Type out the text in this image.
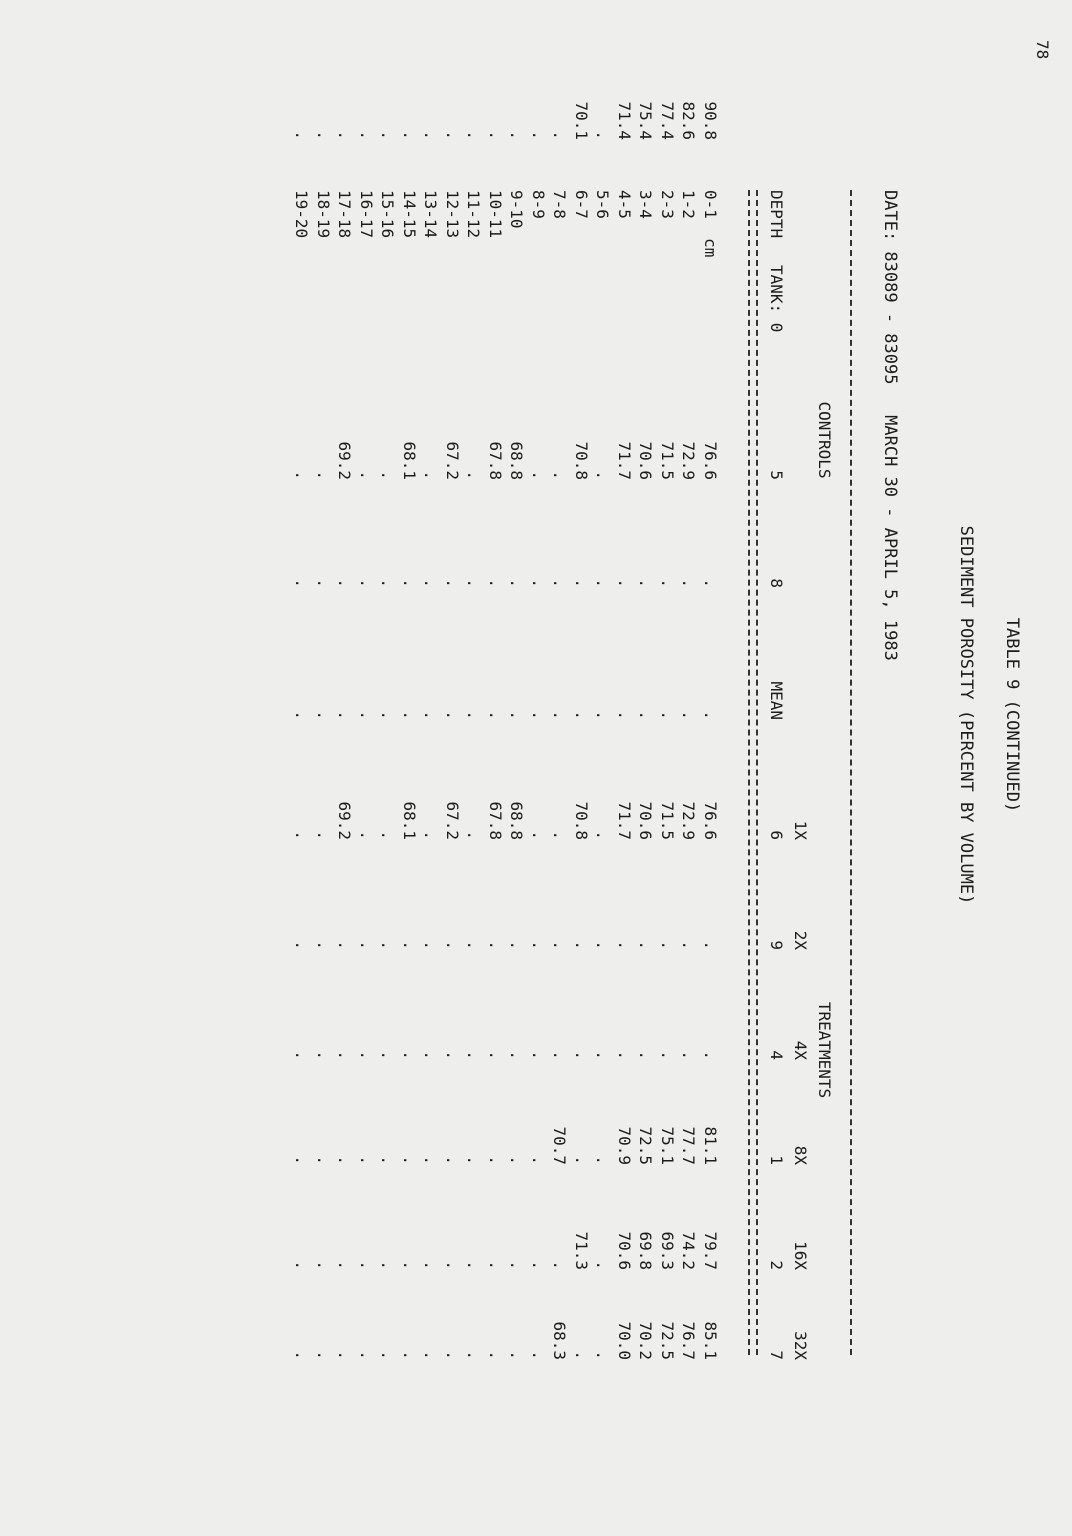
78
TABLE 9 (CONTINUED)
SEDIMENT POROSITY (PERCENT BY VOLUME)
DATE: 83089 - 83095   MARCH 30 - APRIL 5, 1983
CONTROLS
TREATMENTS
DEPTH
TANK: 0
5
8
MEAN
1X
6
2X
9
4X
4
8X
1
16X
2
32X
7
0-1  cm
76.6
.
.
76.6
.
.
81.1
79.7
85.1
90.8
1-2
72.9
.
.
72.9
.
.
77.7
74.2
76.7
82.6
2-3
71.5
.
.
71.5
.
.
75.1
69.3
72.5
77.4
3-4
70.6
.
.
70.6
.
.
72.5
69.8
70.2
75.4
4-5
71.7
.
.
71.7
.
.
70.9
70.6
70.0
71.4
5-6
.
.
.
.
.
.
.
.
.
.
6-7
70.8
.
.
70.8
.
.
.
71.3
.
70.1
7-8
.
.
.
.
.
.
70.7
.
68.3
.
8-9
.
.
.
.
.
.
.
.
.
.
9-10
68.8
.
.
68.8
.
.
.
.
.
.
10-11
67.8
.
.
67.8
.
.
.
.
.
.
11-12
.
.
.
.
.
.
.
.
.
.
12-13
67.2
.
.
67.2
.
.
.
.
.
.
13-14
.
.
.
.
.
.
.
.
.
.
14-15
68.1
.
.
68.1
.
.
.
.
.
.
15-16
.
.
.
.
.
.
.
.
.
.
16-17
.
.
.
.
.
.
.
.
.
.
17-18
69.2
.
.
69.2
.
.
.
.
.
.
18-19
.
.
.
.
.
.
.
.
.
.
19-20
.
.
.
.
.
.
.
.
.
.
